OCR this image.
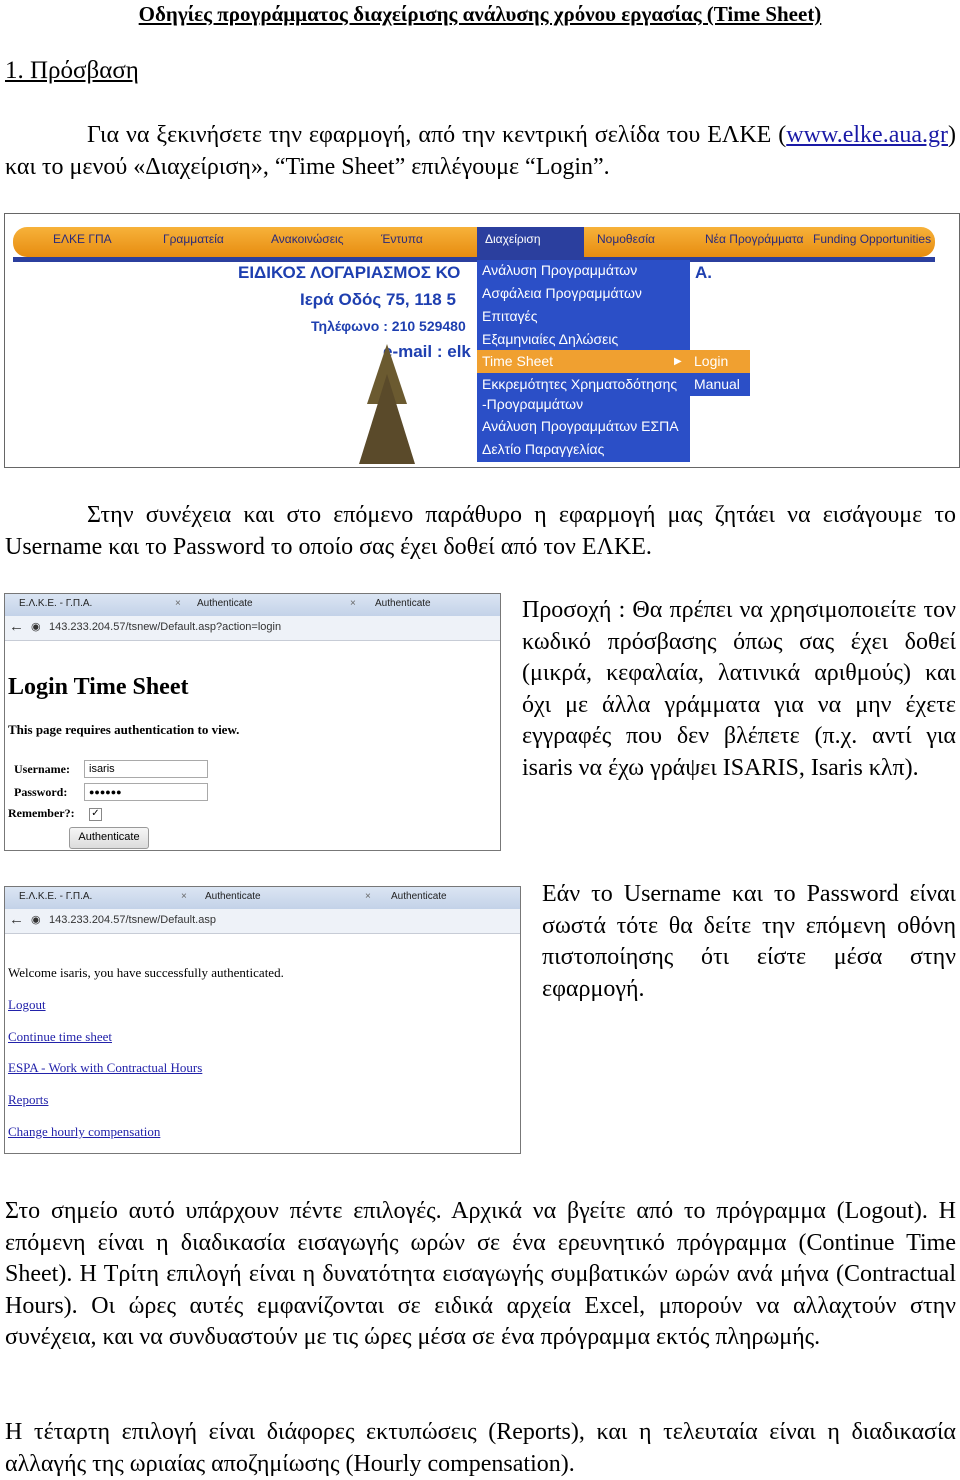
Οδηγίες προγράμματος διαχείρισης ανάλυσης χρόνου εργασίας (Time Sheet)
1. Πρόσβαση
Για να ξεκινήσετε την εφαρμογή, από την κεντρική σελίδα του ΕΛΚΕ (www.elke.aua.gr) και το μενού «Διαχείριση», “Time Sheet” επιλέγουμε “Login”.
ΕΛΚΕ ΓΠΑ	Γραμματεία	Ανακοινώσεις	Έντυπα	Νομοθεσία	Νέα Προγράμματα Funding Opportunities
Διαχείριση
ΕΙΔΙΚΟΣ ΛΟΓΑΡΙΑΣΜΟΣ ΚΟ	Α.
Ιερά Οδός 75, 118 5
Τηλέφωνο : 210 529480
e-mail : elk
Ανάλυση Προγραμμάτων
Ασφάλεια Προγραμμάτων
Επιταγές
Εξαμηνιαίες Δηλώσεις
Time Sheet	▶
Εκκρεμότητες Χρηματοδότησης
-Προγραμμάτων
Ανάλυση Προγραμμάτων ΕΣΠΑ
Δελτίο Παραγγελίας
Login
Manual
Στην συνέχεια και στο επόμενο παράθυρο η εφαρμογή μας ζητάει να εισάγουμε το Username και το Password το οποίο σας έχει δοθεί από τον ΕΛΚΕ.
Ε.Λ.Κ.Ε. - Γ.Π.Α.	× Authenticate	× Authenticate
← ◉ 143.233.204.57/tsnew/Default.asp?action=login
Login Time Sheet
This page requires authentication to view.
Username:	isaris
Password:	●●●●●●
Remember?: ✓
Authenticate
Προσοχή : Θα πρέπει να χρησιμοποιείτε τον κωδικό πρόσβασης όπως σας έχει δοθεί (μικρά, κεφαλαία, λατινικά αριθμούς) και όχι με άλλα γράμματα για να μην έχετε εγγραφές που δεν βλέπετε (π.χ. αντί για isaris να έχω γράψει ISARIS, Isaris κλπ).
Ε.Λ.Κ.Ε. - Γ.Π.Α.	× Authenticate	× Authenticate
← ◉ 143.233.204.57/tsnew/Default.asp
Welcome isaris, you have successfully authenticated.
Logout
Continue time sheet
ESPA - Work with Contractual Hours
Reports
Change hourly compensation
Εάν το Username και το Password είναι σωστά τότε θα δείτε την επόμενη οθόνη πιστοποίησης ότι είστε μέσα στην εφαρμογή.
Στο σημείο αυτό υπάρχουν πέντε επιλογές. Αρχικά να βγείτε από το πρόγραμμα (Logout). Η επόμενη είναι η διαδικασία εισαγωγής ωρών σε ένα ερευνητικό πρόγραμμα (Continue Time Sheet). Η Τρίτη επιλογή είναι η δυνατότητα εισαγωγής συμβατικών ωρών ανά μήνα (Contractual Hours). Οι ώρες αυτές εμφανίζονται σε ειδικά αρχεία Excel, μπορούν να αλλαχτούν στην συνέχεια, και να συνδυαστούν με τις ώρες μέσα σε ένα πρόγραμμα εκτός πληρωμής.
Η τέταρτη επιλογή είναι διάφορες εκτυπώσεις (Reports), και η τελευταία είναι η διαδικασία αλλαγής της ωριαίας αποζημίωσης (Hourly compensation).
